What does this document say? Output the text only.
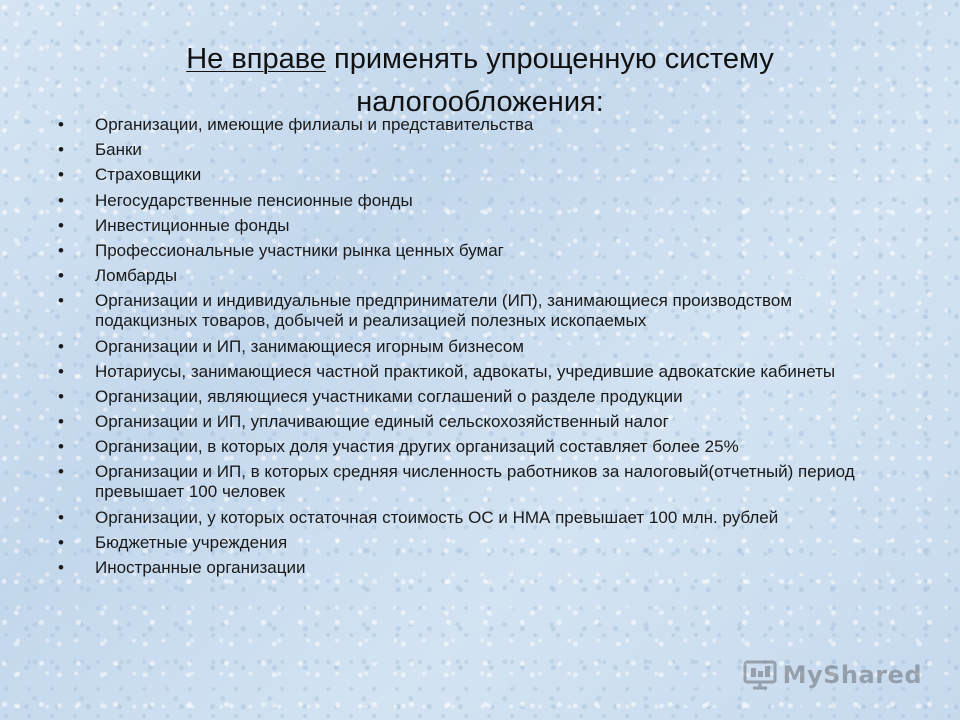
Не вправе применять упрощенную систему
налогообложения:
• Организации, имеющие филиалы и представительства
• Банки
• Страховщики
• Негосударственные пенсионные фонды
• Инвестиционные фонды
• Профессиональные участники рынка ценных бумаг
• Ломбарды
• Организации и индивидуальные предприниматели (ИП), занимающиеся производством подакцизных товаров, добычей и реализацией полезных ископаемых
• Организации и ИП, занимающиеся игорным бизнесом
• Нотариусы, занимающиеся частной практикой, адвокаты, учредившие адвокатские кабинеты
• Организации, являющиеся участниками соглашений о разделе продукции
• Организации и ИП, уплачивающие единый сельскохозяйственный налог
• Организации, в которых доля участия других организаций составляет более 25%
• Организации и ИП, в которых средняя численность работников за налоговый(отчетный) период превышает 100 человек
• Организации, у которых остаточная стоимость ОС и НМА превышает 100 млн. рублей
• Бюджетные учреждения
• Иностранные организации
MyShared
